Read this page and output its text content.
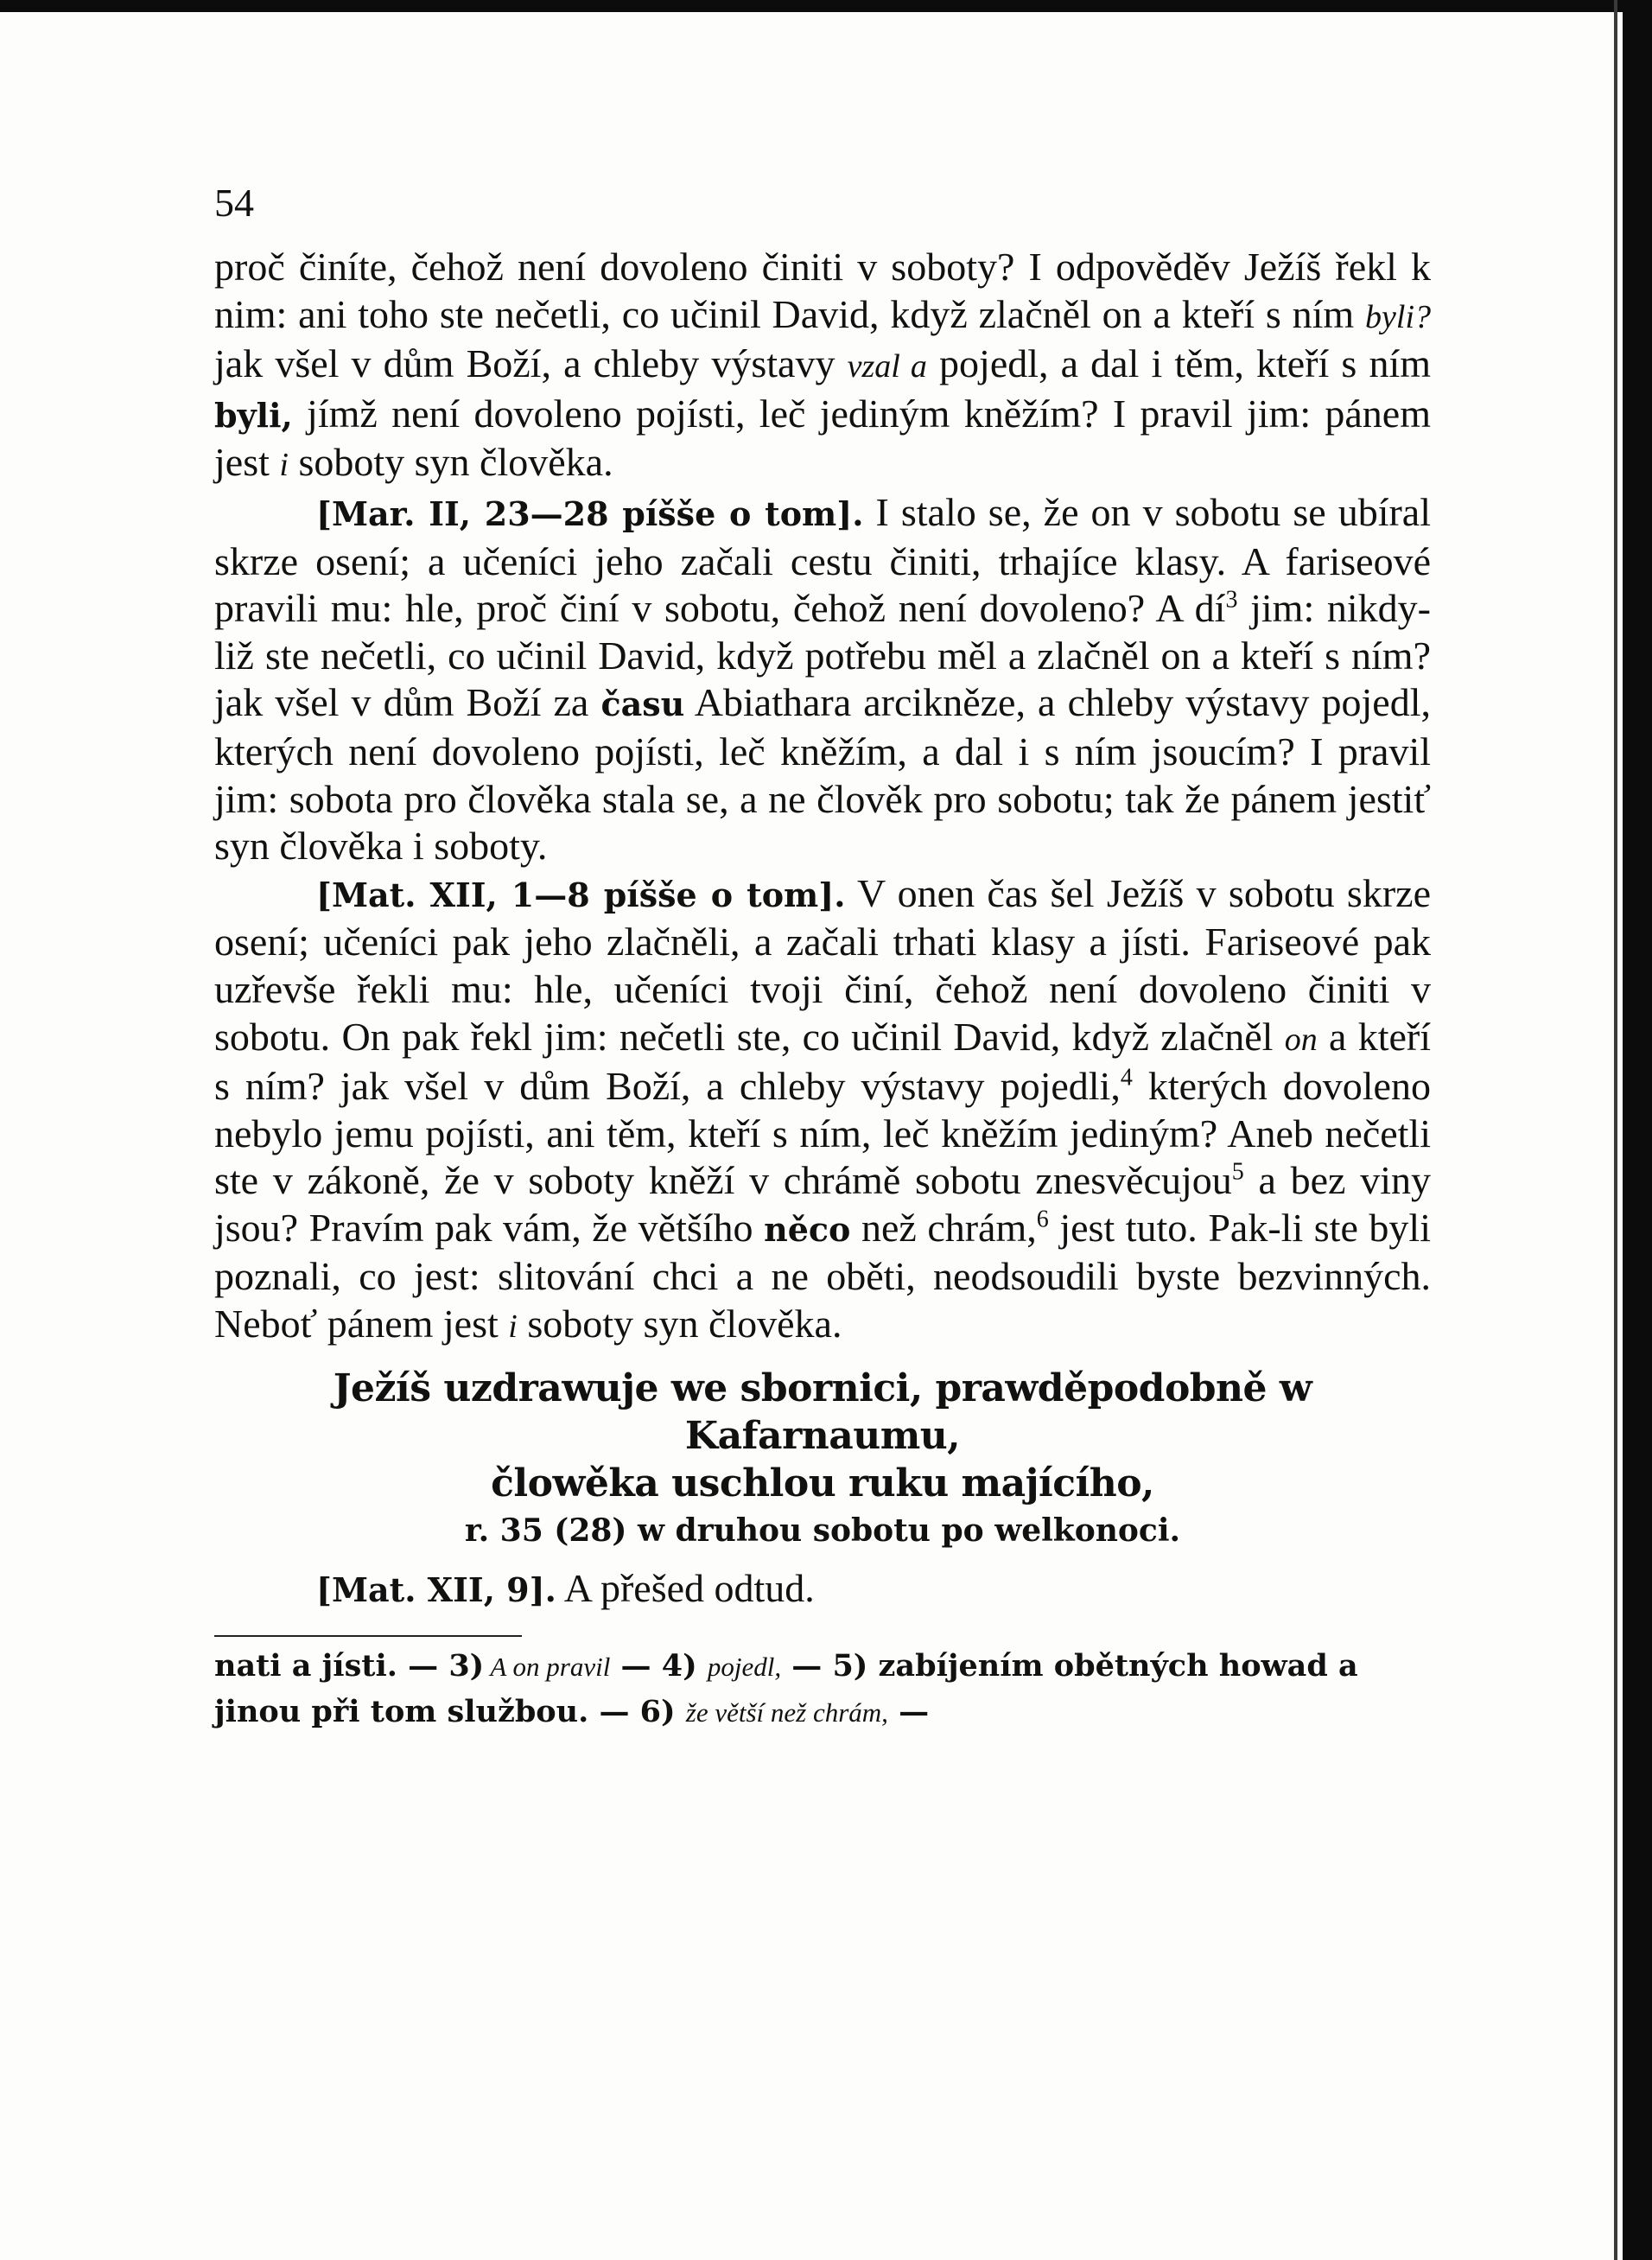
54

proč činíte, čehož není dovoleno činiti v soboty? I odpověděv Ježíš řekl k nim: ani toho ste nečetli, co učinil David, když zlačněl on a kteří s ním byli? jak všel v dům Boží, a chleby výstavy vzal a pojedl, a dal i těm, kteří s ním byli, jímž není dovoleno pojísti, leč jediným kněžím? I pravil jim: pánem jest i soboty syn člověka.

[Mar. II, 23—28 píšše o tom]. I stalo se, že on v sobotu se ubíral skrze osení; a učeníci jeho začali cestu činiti, trhajíce klasy. A fariseové pravili mu: hle, proč činí v sobotu, čehož není dovoleno? A $dí^3$ jim: nikdy-liž ste nečetli, co učinil David, když potřebu měl a zlačněl on a kteří s ním? jak všel v dům Boží za času Abiathara arcikněze, a chleby výstavy pojedl, kterých není dovoleno pojísti, leč kněžím, a dal i s ním jsoucím? I pravil jim: sobota pro člověka stala se, a ne člověk pro sobotu; tak že pánem jestiť syn člověka i soboty.

[Mat. XII, 1—8 píšše o tom]. V onen čas šel Ježíš v sobotu skrze osení; učeníci pak jeho zlačněli, a začali trhati klasy a jísti. Fariseové pak uzřevše řekli mu: hle, učeníci tvoji činí, čehož není dovoleno činiti v sobotu. On pak řekl jim: nečetli ste, co učinil David, když zlačněl on a kteří s ním? jak všel v dům Boží, a chleby výstavy pojedli,$^4$ kterých dovoleno nebylo jemu pojísti, ani těm, kteří s ním, leč kněžím jediným? Aneb nečetli ste v zákoně, že v soboty kněží v chrámě sobotu znesvěcujou$^5$ a bez viny jsou? Pravím pak vám, že většího něco než chrám,$^6$ jest tuto. Pak-li ste byli poznali, co jest: slitování chci a ne oběti, neodsoudili byste bezvinných. Neboť pánem jest i soboty syn člověka.

Ježíš uzdrawuje we sbornici, prawděpodobně w Kafarnaumu,
člowěka uschlou ruku majícího,
r. 35 (28) w druhou sobotu po welkonoci.

[Mat. XII, 9]. A přešed odtud.

nati a jísti. — 3) A on pravil — 4) pojedl, — 5) zabíjením obětných howad a jinou při tom službou. — 6) že větší než chrám, —
